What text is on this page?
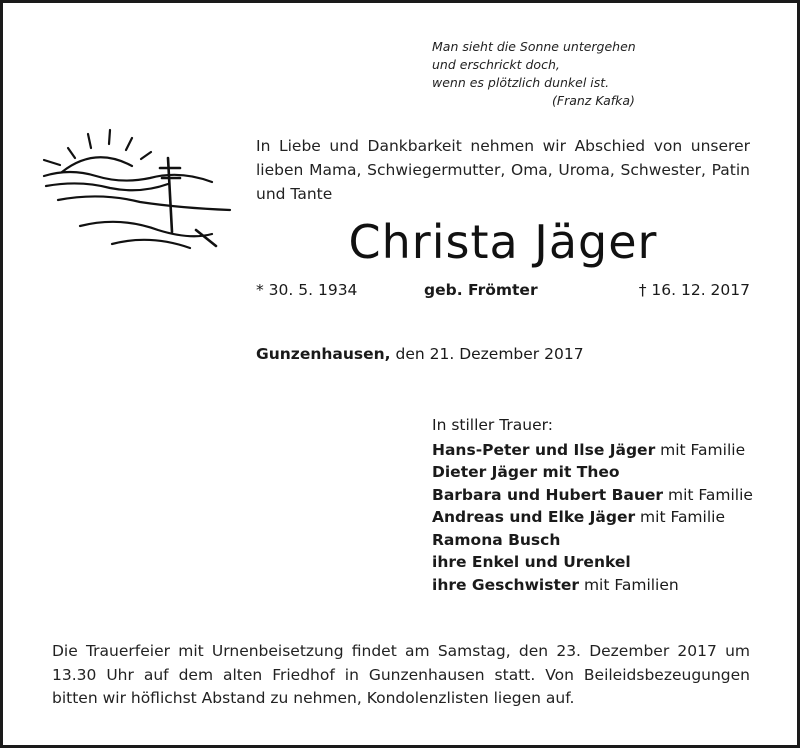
Man sieht die Sonne untergehen
und erschrickt doch,
wenn es plötzlich dunkel ist.
(Franz Kafka)
In Liebe und Dankbarkeit nehmen wir Abschied von unserer lieben Mama, Schwiegermutter, Oma, Uroma, Schwester, Patin und Tante
Christa Jäger
* 30. 5. 1934	geb. Frömter	† 16. 12. 2017
Gunzenhausen, den 21. Dezember 2017
In stiller Trauer:
Hans-Peter und Ilse Jäger mit Familie
Dieter Jäger mit Theo
Barbara und Hubert Bauer mit Familie
Andreas und Elke Jäger mit Familie
Ramona Busch
ihre Enkel und Urenkel
ihre Geschwister mit Familien
Die Trauerfeier mit Urnenbeisetzung findet am Samstag, den 23. Dezember 2017 um 13.30 Uhr auf dem alten Friedhof in Gunzenhausen statt. Von Beileidsbezeugungen bitten wir höflichst Abstand zu nehmen, Kondolenzlisten liegen auf.
